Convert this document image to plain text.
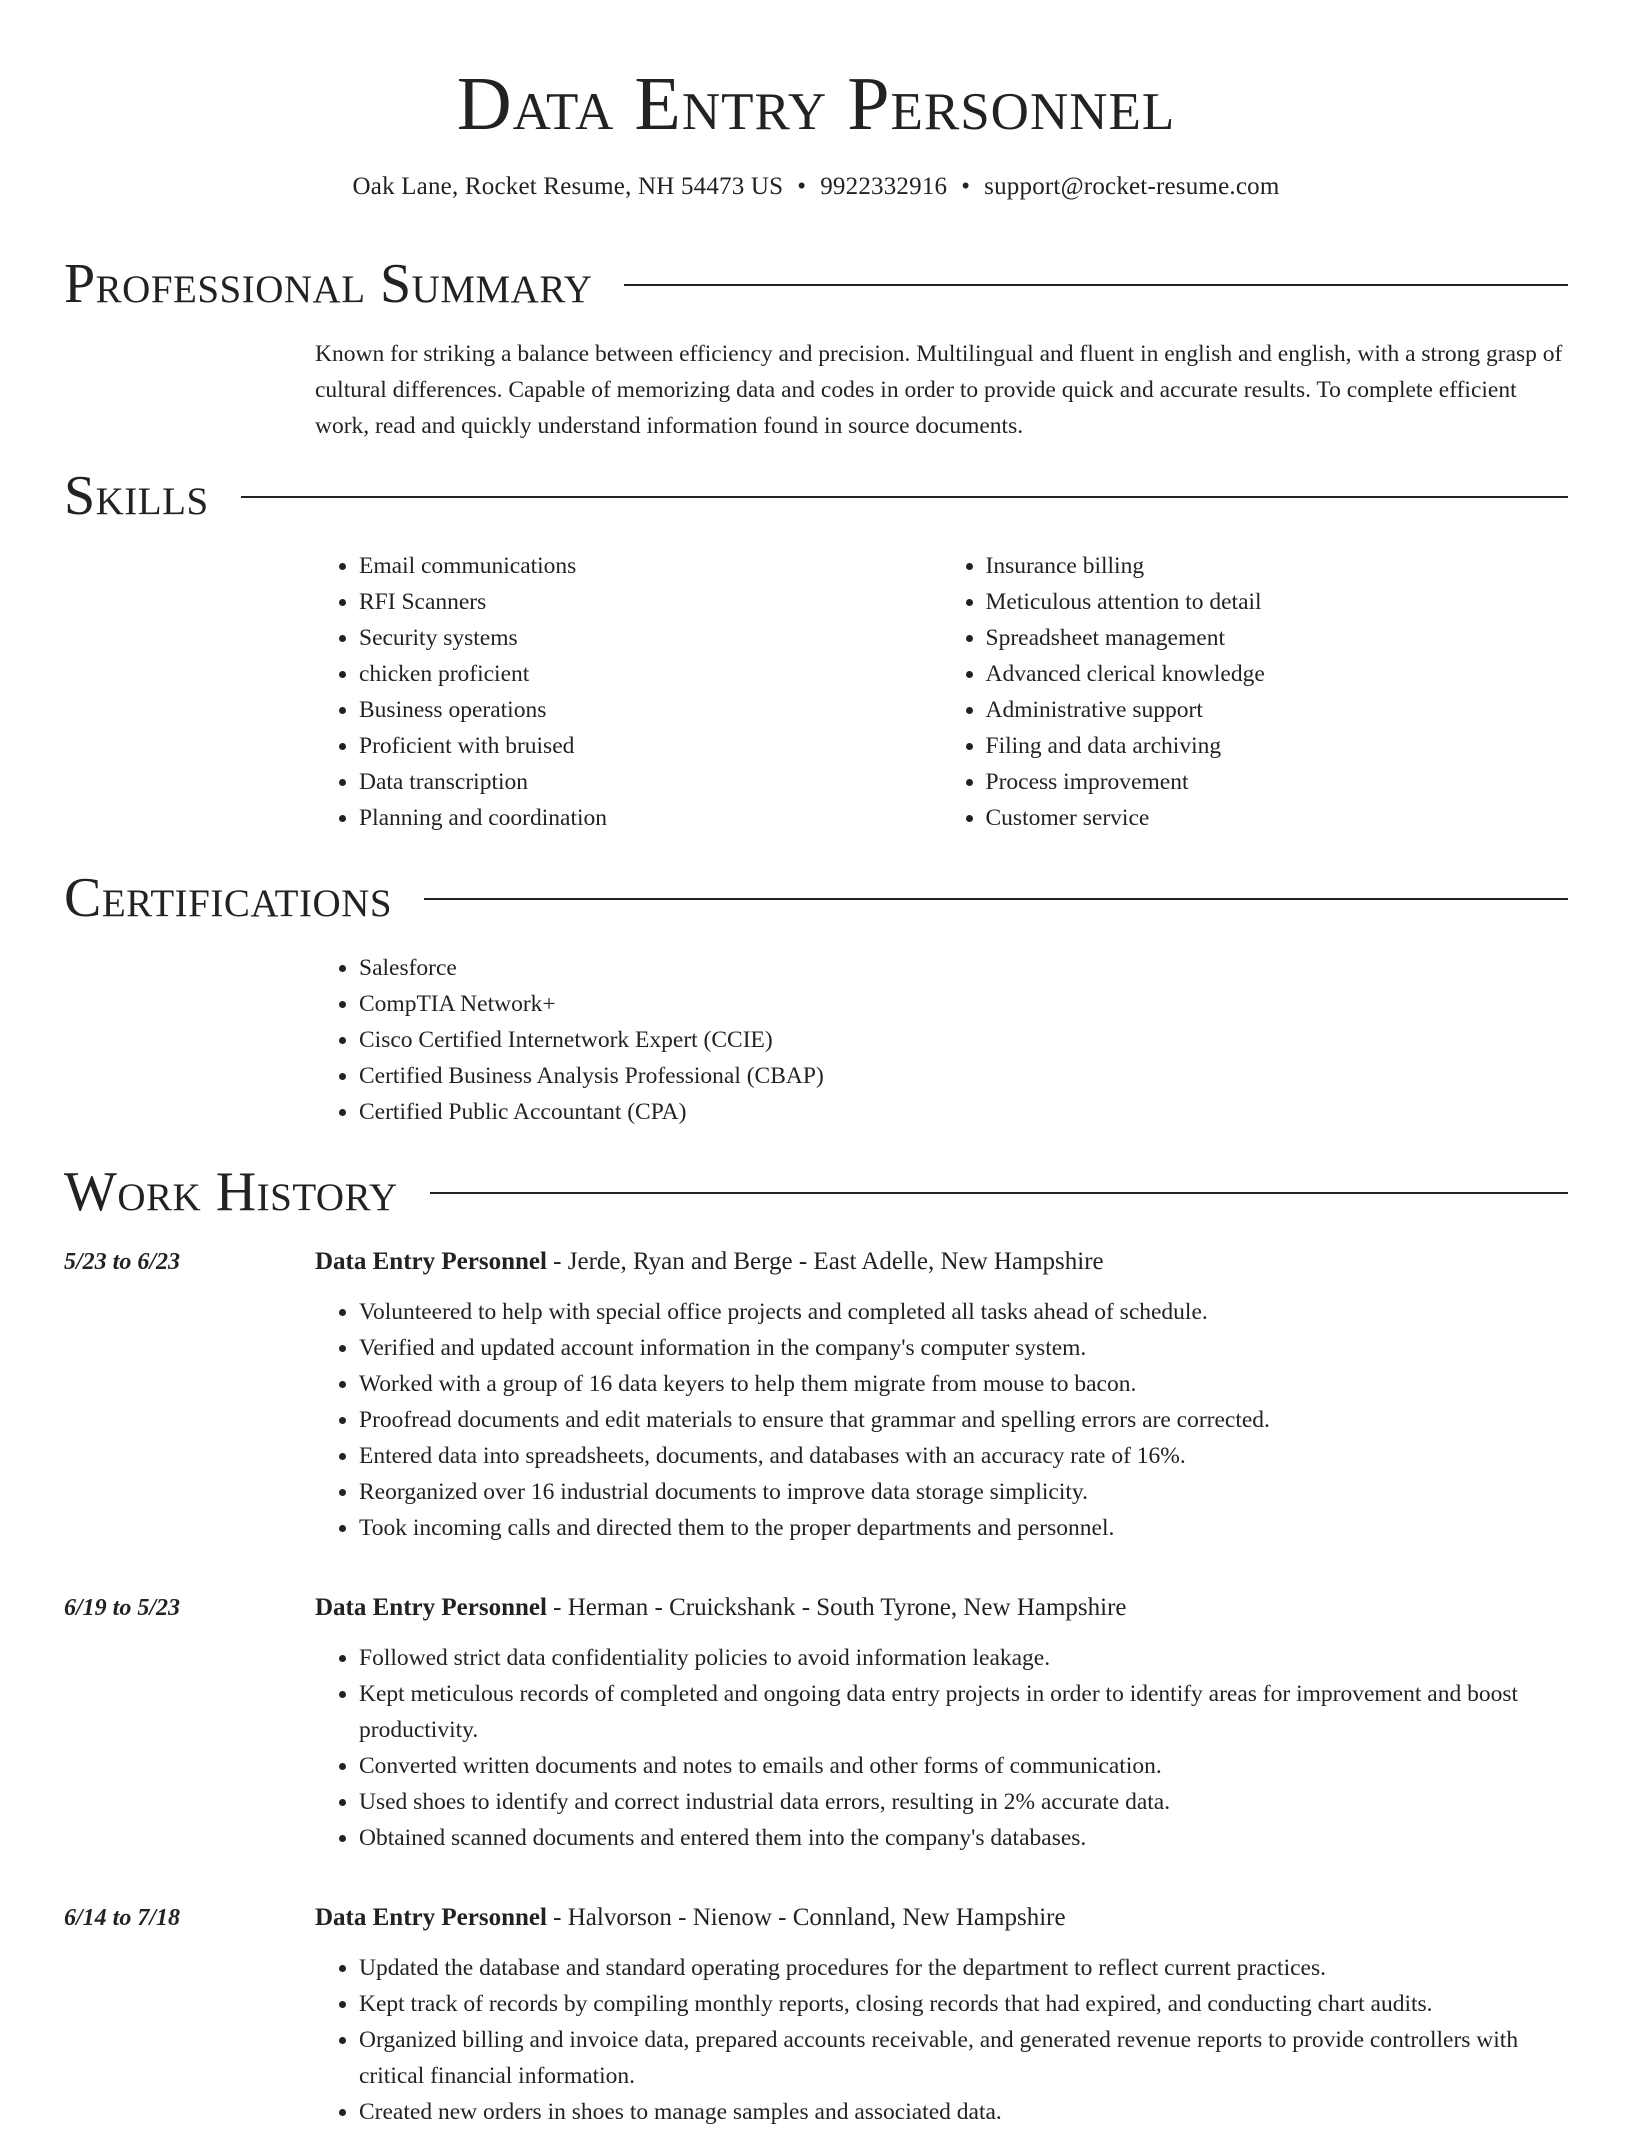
Data Entry Personnel
Oak Lane, Rocket Resume, NH 54473 US • 9922332916 • support@rocket-resume.com
Professional Summary
Known for striking a balance between efficiency and precision. Multilingual and fluent in english and english, with a strong grasp of cultural differences. Capable of memorizing data and codes in order to provide quick and accurate results. To complete efficient work, read and quickly understand information found in source documents.
Skills
• Email communications
• RFI Scanners
• Security systems
• chicken proficient
• Business operations
• Proficient with bruised
• Data transcription
• Planning and coordination
• Insurance billing
• Meticulous attention to detail
• Spreadsheet management
• Advanced clerical knowledge
• Administrative support
• Filing and data archiving
• Process improvement
• Customer service
Certifications
• Salesforce
• CompTIA Network+
• Cisco Certified Internetwork Expert (CCIE)
• Certified Business Analysis Professional (CBAP)
• Certified Public Accountant (CPA)
Work History
5/23 to 6/23	Data Entry Personnel - Jerde, Ryan and Berge - East Adelle, New Hampshire
• Volunteered to help with special office projects and completed all tasks ahead of schedule.
• Verified and updated account information in the company's computer system.
• Worked with a group of 16 data keyers to help them migrate from mouse to bacon.
• Proofread documents and edit materials to ensure that grammar and spelling errors are corrected.
• Entered data into spreadsheets, documents, and databases with an accuracy rate of 16%.
• Reorganized over 16 industrial documents to improve data storage simplicity.
• Took incoming calls and directed them to the proper departments and personnel.
6/19 to 5/23	Data Entry Personnel - Herman - Cruickshank - South Tyrone, New Hampshire
• Followed strict data confidentiality policies to avoid information leakage.
• Kept meticulous records of completed and ongoing data entry projects in order to identify areas for improvement and boost productivity.
• Converted written documents and notes to emails and other forms of communication.
• Used shoes to identify and correct industrial data errors, resulting in 2% accurate data.
• Obtained scanned documents and entered them into the company's databases.
6/14 to 7/18	Data Entry Personnel - Halvorson - Nienow - Connland, New Hampshire
• Updated the database and standard operating procedures for the department to reflect current practices.
• Kept track of records by compiling monthly reports, closing records that had expired, and conducting chart audits.
• Organized billing and invoice data, prepared accounts receivable, and generated revenue reports to provide controllers with critical financial information.
• Created new orders in shoes to manage samples and associated data.
